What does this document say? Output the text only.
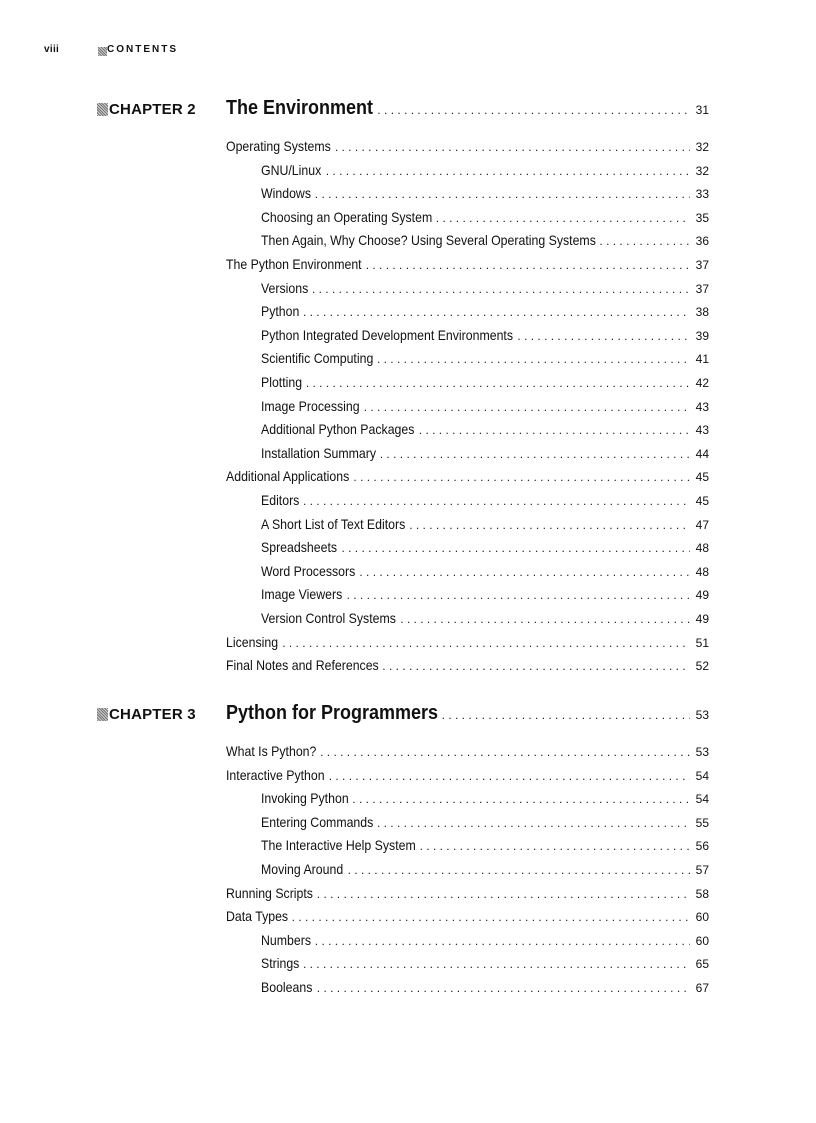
viii	CONTENTS
CHAPTER 2 The Environment . . .	31
Operating Systems . . .	32
GNU/Linux . . .	32
Windows . . .	33
Choosing an Operating System . . .	35
Then Again, Why Choose? Using Several Operating Systems . . .	36
The Python Environment . . .	37
Versions . . .	37
Python . . .	38
Python Integrated Development Environments . . .	39
Scientific Computing . . .	41
Plotting . . .	42
Image Processing . . .	43
Additional Python Packages . . .	43
Installation Summary . . .	44
Additional Applications . . .	45
Editors . . .	45
A Short List of Text Editors . . .	47
Spreadsheets . . .	48
Word Processors . . .	48
Image Viewers . . .	49
Version Control Systems . . .	49
Licensing . . .	51
Final Notes and References . . .	52
CHAPTER 3 Python for Programmers . . .	53
What Is Python? . . .	53
Interactive Python . . .	54
Invoking Python . . .	54
Entering Commands . . .	55
The Interactive Help System . . .	56
Moving Around . . .	57
Running Scripts . . .	58
Data Types . . .	60
Numbers . . .	60
Strings . . .	65
Booleans . . .	67
